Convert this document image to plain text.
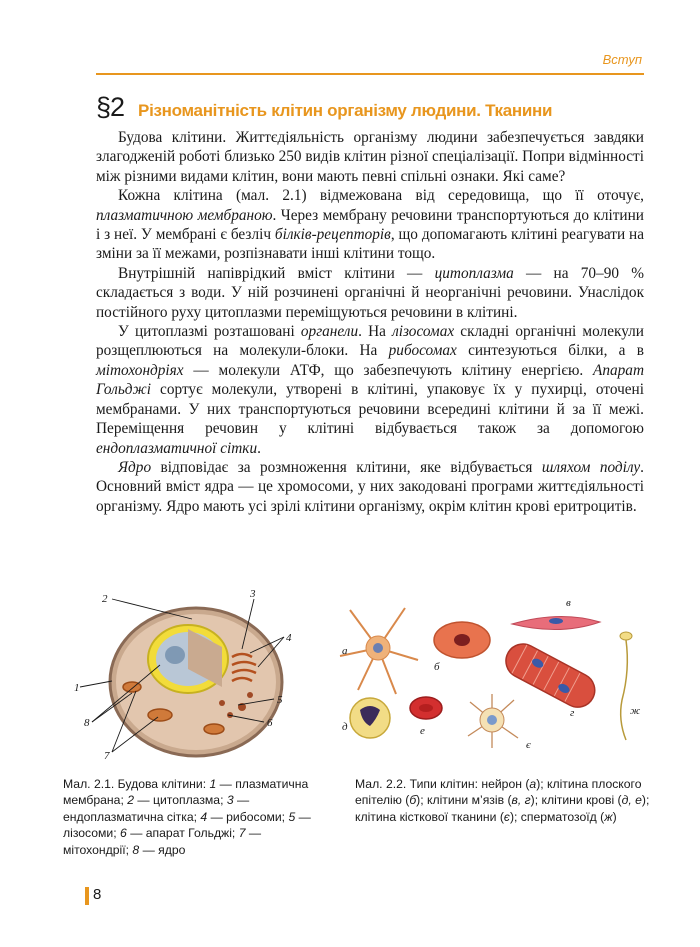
Вступ
§2 Різноманітність клітин організму людини. Тканини

Будова клітини. Життєдіяльність організму людини забезпечується завдяки злагодженій роботі близько 250 видів клітин різної спеціалізації. Попри відмінності між різними видами клітин, вони мають певні спільні ознаки. Які саме?

Кожна клітина (мал. 2.1) відмежована від середовища, що її оточує, плазматичною мембраною. Через мембрану речовини транспортуються до клітини і з неї. У мембрані є безліч білків-рецепторів, що допомагають клітині реагувати на зміни за її межами, розпізнавати інші клітини тощо.

Внутрішній напіврідкий вміст клітини — цитоплазма — на 70–90 % складається з води. У ній розчинені органічні й неорганічні речовини. Унаслідок постійного руху цитоплазми переміщуються речовини в клітині.

У цитоплазмі розташовані органели. На лізосомах складні органічні молекули розщеплюються на молекули-блоки. На рибосомах синтезуються білки, а в мітохондріях — молекули АТФ, що забезпечують клітину енергією. Апарат Гольджі сортує молекули, утворені в клітині, упаковує їх у пухирці, оточені мембранами. У них транспортуються речовини всередині клітини й за її межі. Переміщення речовин у клітині відбувається також за допомогою ендоплазматичної сітки.

Ядро відповідає за розмноження клітини, яке відбувається шляхом поділу. Основний вміст ядра — це хромосоми, у них закодовані програми життєдіяльності організму. Ядро мають усі зрілі клітини організму, окрім клітин крові еритроцитів.

1
2	3
4
5
6
7
8
а
б
в
г
д	е
є
ж
Мал. 2.1. Будова клітини: 1 — плазматична мембрана; 2 — цитоплазма; 3 — ендоплазматична сітка; 4 — рибосоми; 5 — лізосоми; 6 — апарат Гольджі; 7 — мітохондрії; 8 — ядро
Мал. 2.2. Типи клітин: нейрон (а); клітина плоского епітелію (б); клітини м’язів (в, г); клітини крові (д, е); клітина кісткової тканини (є); сперматозоїд (ж)
8
